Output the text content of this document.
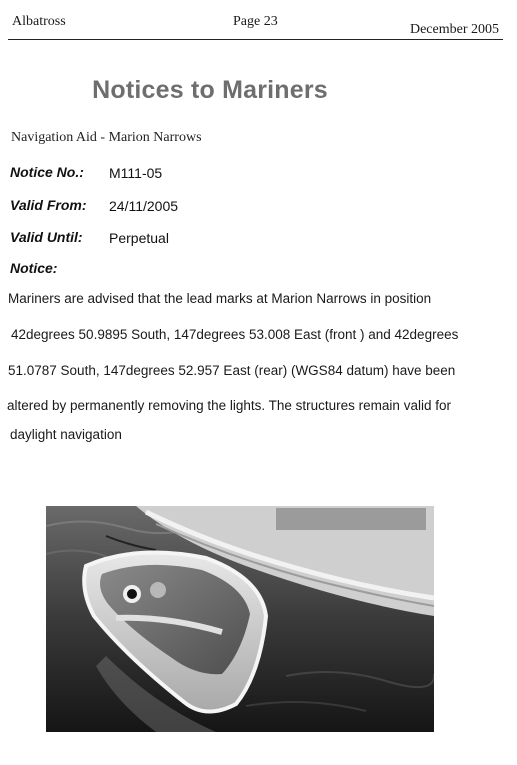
Albatross	Page 23
December 2005
Notices to Mariners
Navigation Aid - Marion Narrows
Notice No.: M111-05
Valid From: 24/11/2005
Valid Until: Perpetual
Notice:
Mariners are advised that the lead marks at Marion Narrows in position
42degrees 50.9895 South, 147degrees 53.008 East (front ) and 42degrees
51.0787 South, 147degrees 52.957 East (rear) (WGS84 datum) have been
altered by permanently removing the lights. The structures remain valid for
daylight navigation
